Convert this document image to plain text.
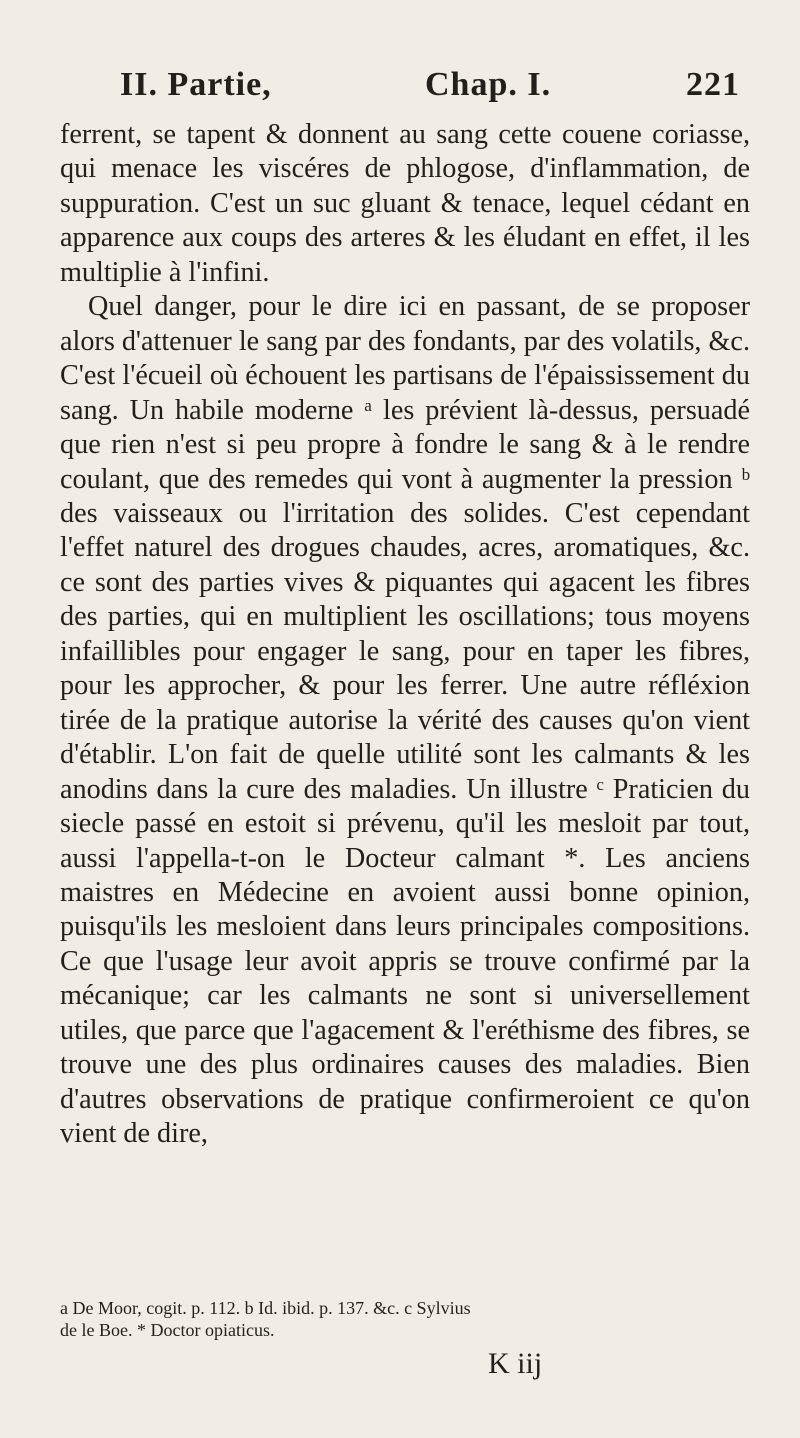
II. Partie,	Chap. I.	221

ferrent, se tapent & donnent au sang cette couene coriasse, qui menace les viscéres de phlogose, d'inflammation, de suppuration. C'est un suc gluant & tenace, lequel cédant en apparence aux coups des arteres & les éludant en effet, il les multiplie à l'infini.

Quel danger, pour le dire ici en passant, de se proposer alors d'attenuer le sang par des fondants, par des volatils, &c. C'est l'écueil où échouent les partisans de l'épaississement du sang. Un habile moderne ᵃ les prévient là-dessus, persuadé que rien n'est si peu propre à fondre le sang & à le rendre coulant, que des remedes qui vont à augmenter la pression ᵇ des vaisseaux ou l'irritation des solides. C'est cependant l'effet naturel des drogues chaudes, acres, aromatiques, &c. ce sont des parties vives & piquantes qui agacent les fibres des parties, qui en multiplient les oscillations; tous moyens infaillibles pour engager le sang, pour en taper les fibres, pour les approcher, & pour les ferrer. Une autre réfléxion tirée de la pratique autorise la vérité des causes qu'on vient d'établir. L'on fait de quelle utilité sont les calmants & les anodins dans la cure des maladies. Un illustre ᶜ Praticien du siecle passé en estoit si prévenu, qu'il les mesloit par tout, aussi l'appella-t-on le Docteur calmant *. Les anciens maistres en Médecine en avoient aussi bonne opinion, puisqu'ils les mesloient dans leurs principales compositions. Ce que l'usage leur avoit appris se trouve confirmé par la mécanique; car les calmants ne sont si universellement utiles, que parce que l'agacement & l'eréthisme des fibres, se trouve une des plus ordinaires causes des maladies. Bien d'autres observations de pratique confirmeroient ce qu'on vient de dire,

a De Moor, cogit. p. 112. b Id. ibid. p. 137. &c. c Sylvius
de le Boe. * Doctor opiaticus.
K iij
